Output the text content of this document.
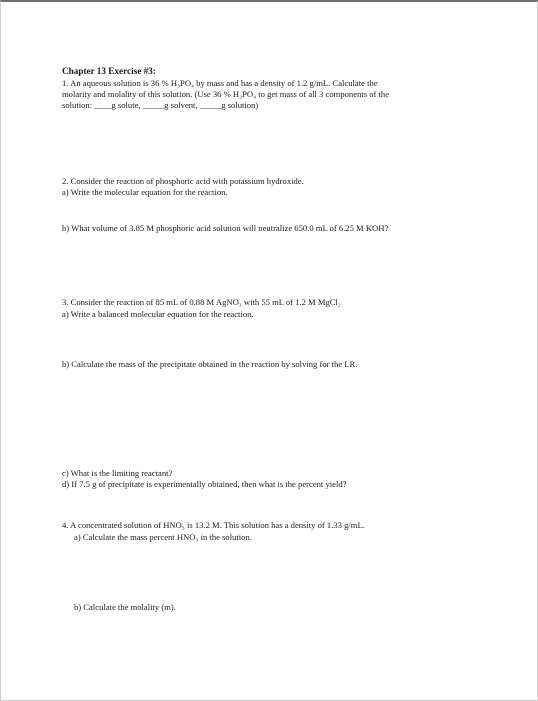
Chapter 13 Exercise #3:
1. An aqueous solution is 36 % H₃PO₄ by mass and has a density of 1.2 g/mL. Calculate the
molarity and molality of this solution. (Use 36 % H₃PO₄ to get mass of all 3 components of the
solution: ____g solute, _____g solvent, _____g solution)
2. Consider the reaction of phosphoric acid with potassium hydroxide.
a) Write the molecular equation for the reaction.
b) What volume of 3.85 M phosphoric acid solution will neutralize 650.0 mL of 6.25 M KOH?
3. Consider the reaction of 85 mL of 0.88 M AgNO₃ with 55 mL of 1.2 M MgCl₂
a) Write a balanced molecular equation for the reaction.
b) Calculate the mass of the precipitate obtained in the reaction by solving for the LR.
c) What is the limiting reactant?
d) If 7.5 g of precipitate is experimentally obtained, then what is the percent yield?
4. A concentrated solution of HNO₃ is 13.2 M. This solution has a density of 1.33 g/mL.
a) Calculate the mass percent HNO₃ in the solution.
b) Calculate the molality (m).
